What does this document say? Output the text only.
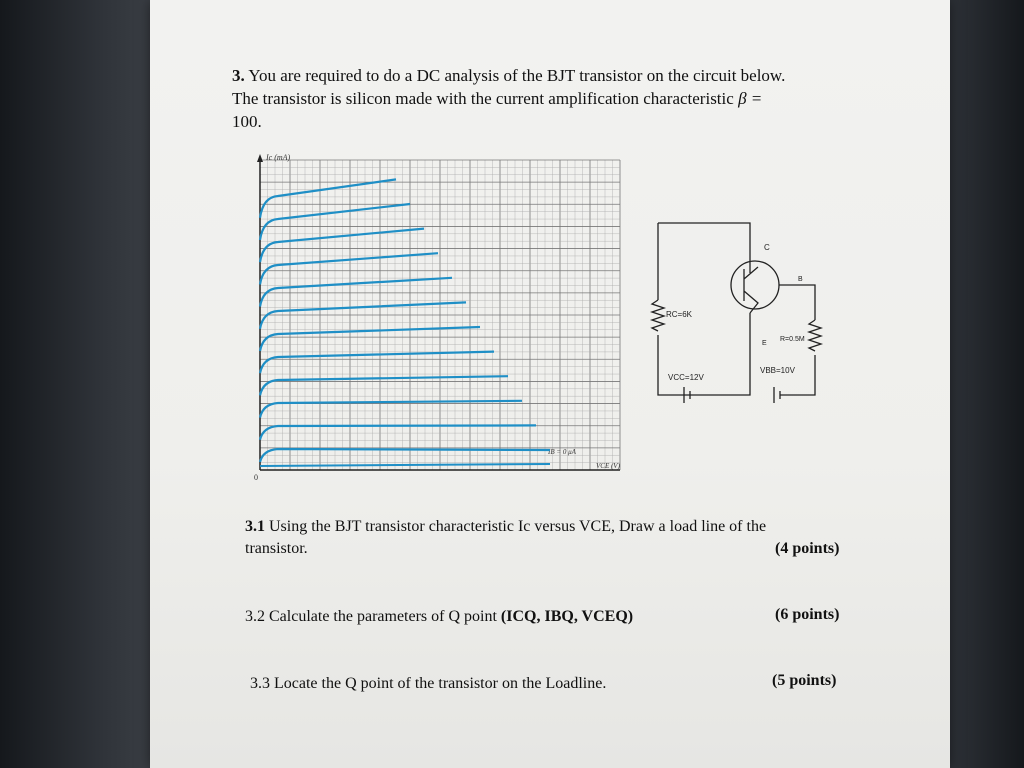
3. You are required to do a DC analysis of the BJT transistor on the circuit below.
The transistor is silicon made with the current amplification characteristic β =
100.
Ic (mA)
VCE (V)
0
IB = 0 μA
C
B
E
RC=6K
R=0.5M
VCC=12V
VBB=10V
3.1 Using the BJT transistor characteristic Ic versus VCE, Draw a load line of the
transistor.	(4 points)
3.2 Calculate the parameters of Q point (ICQ, IBQ, VCEQ)	(6 points)
3.3 Locate the Q point of the transistor on the Loadline.	(5 points)
